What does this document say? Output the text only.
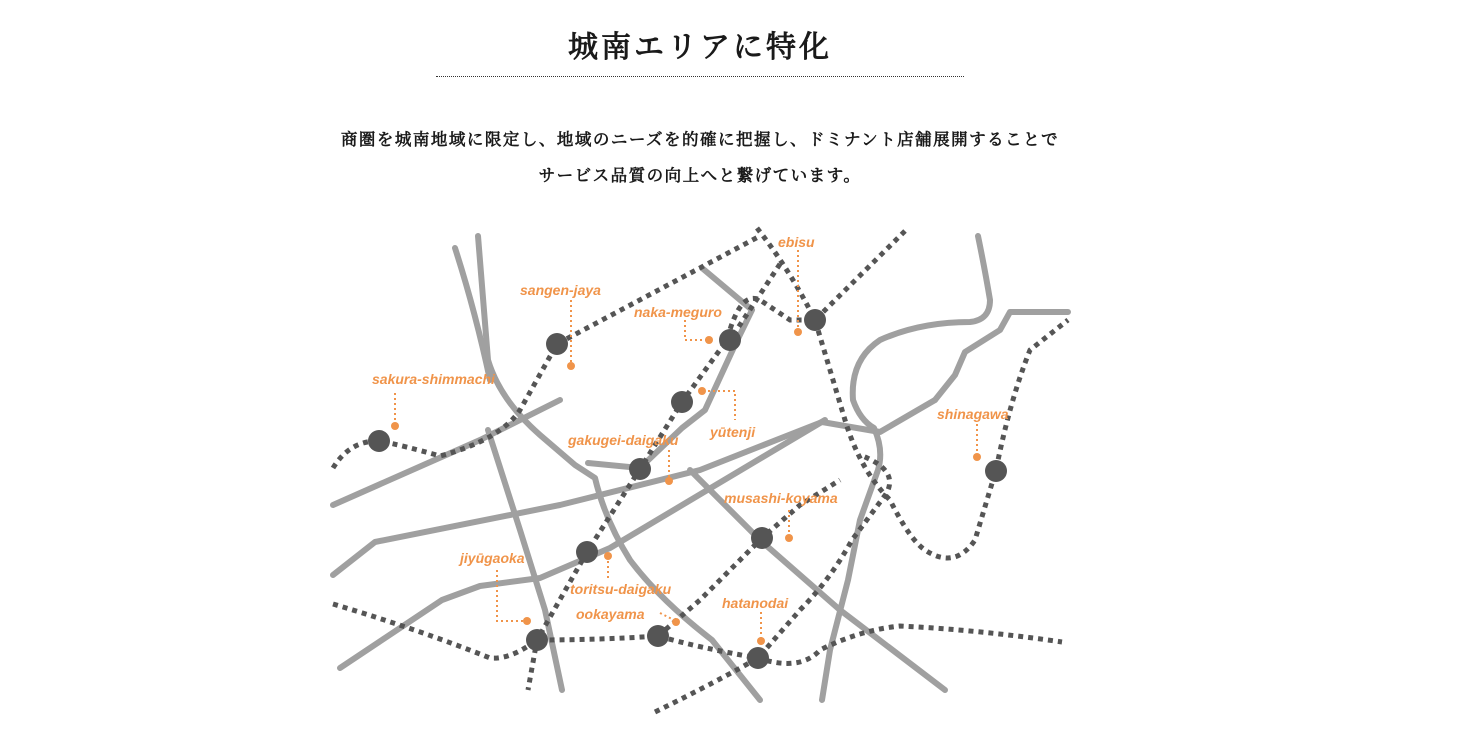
城南エリアに特化

商圏を城南地域に限定し、地域のニーズを的確に把握し、ドミナント店舗展開することで

サービス品質の向上へと繋げています。

ebisu
sangen-jaya
naka-meguro
sakura-shimmachi
yūtenji
gakugei-daigaku
shinagawa
musashi-koyama
jiyūgaoka
toritsu-daigaku
ookayama
hatanodai
